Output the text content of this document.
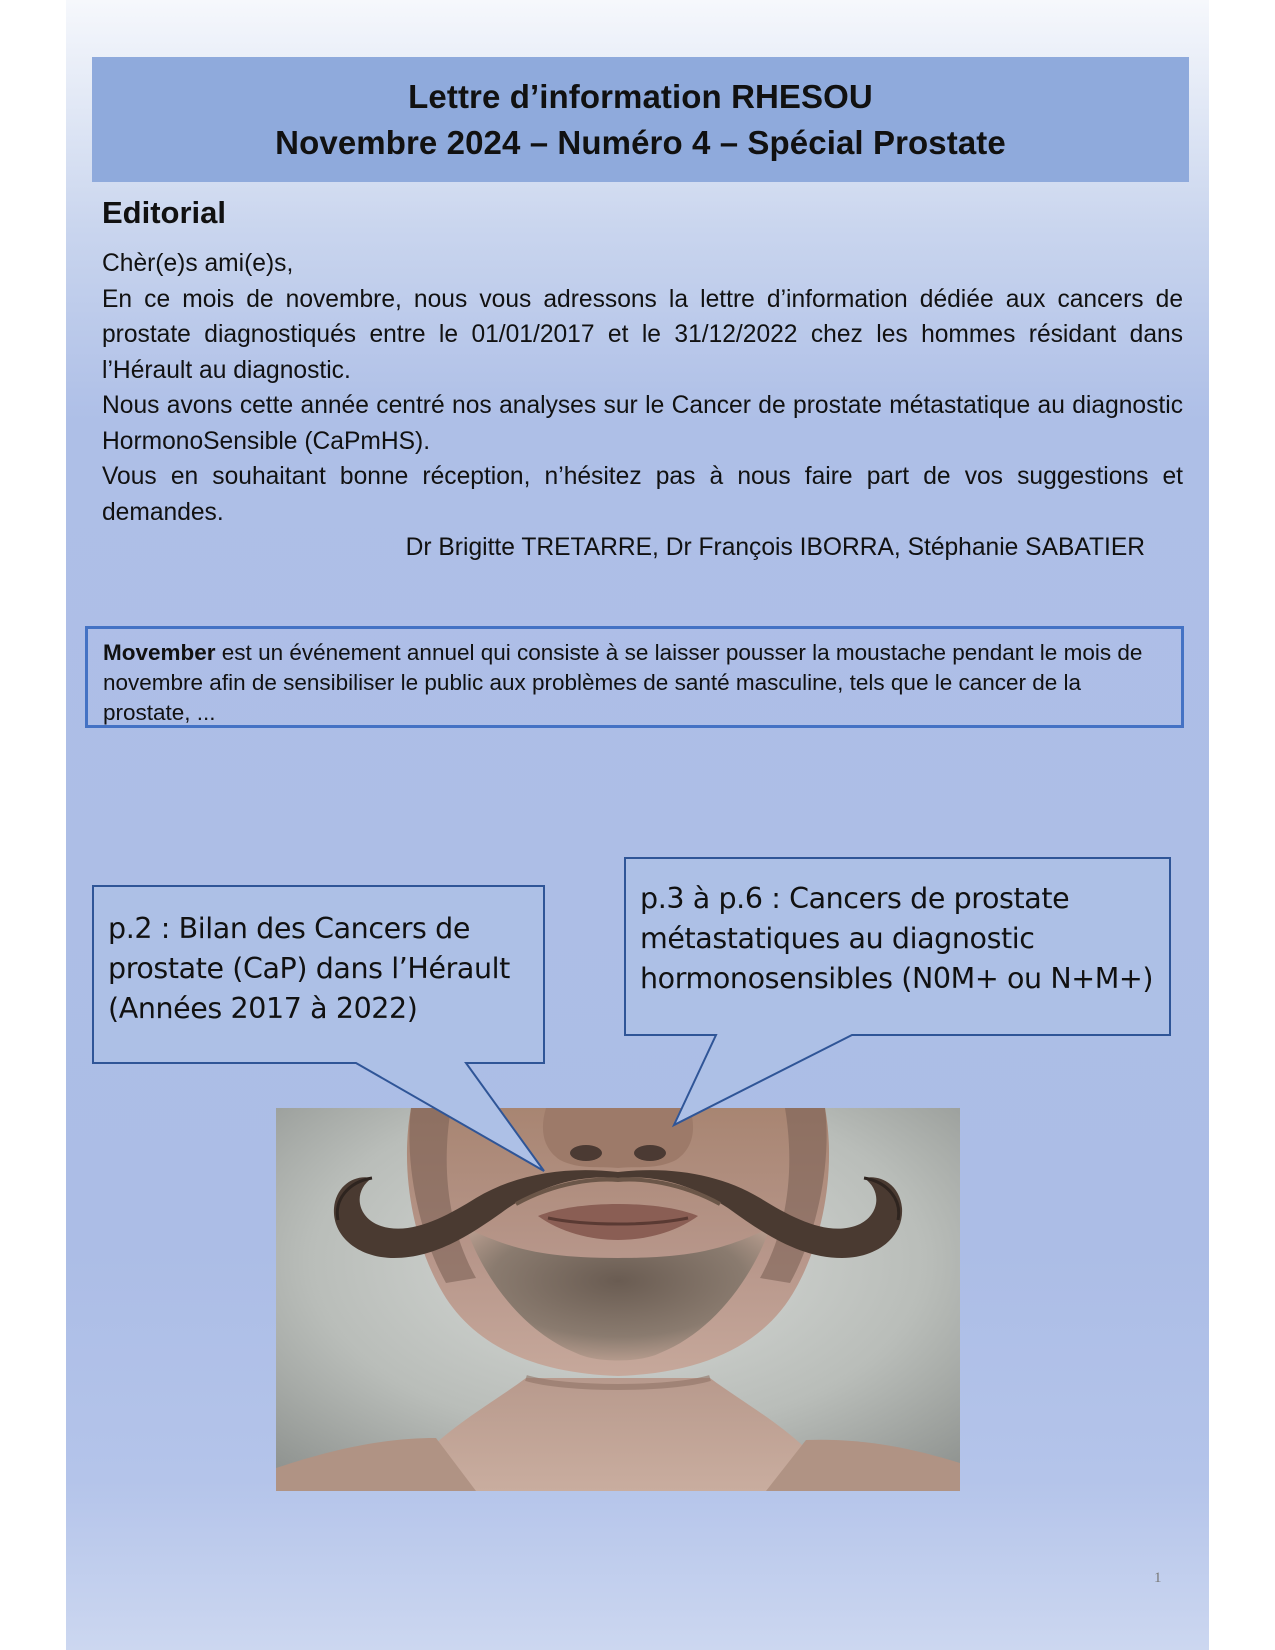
Lettre d’information RHESOU
Novembre 2024 – Numéro 4 – Spécial Prostate
Editorial

Chèr(e)s ami(e)s,

En ce mois de novembre, nous vous adressons la lettre d’information dédiée aux cancers de prostate diagnostiqués entre le 01/01/2017 et le 31/12/2022 chez les hommes résidant dans l’Hérault au diagnostic.

Nous avons cette année centré nos analyses sur le Cancer de prostate métastatique au diagnostic HormonoSensible (CaPmHS).

Vous en souhaitant bonne réception, n’hésitez pas à nous faire part de vos suggestions et demandes.

Dr Brigitte TRETARRE, Dr François IBORRA, Stéphanie SABATIER

Movember est un événement annuel qui consiste à se laisser pousser la moustache pendant le mois de novembre afin de sensibiliser le public aux problèmes de santé masculine, tels que le cancer de la prostate, ...
p.2 : Bilan des Cancers de
prostate (CaP) dans l’Hérault
(Années 2017 à 2022)
p.3 à p.6 : Cancers de prostate
métastatiques au diagnostic
hormonosensibles (N0M+ ou N+M+)
1
